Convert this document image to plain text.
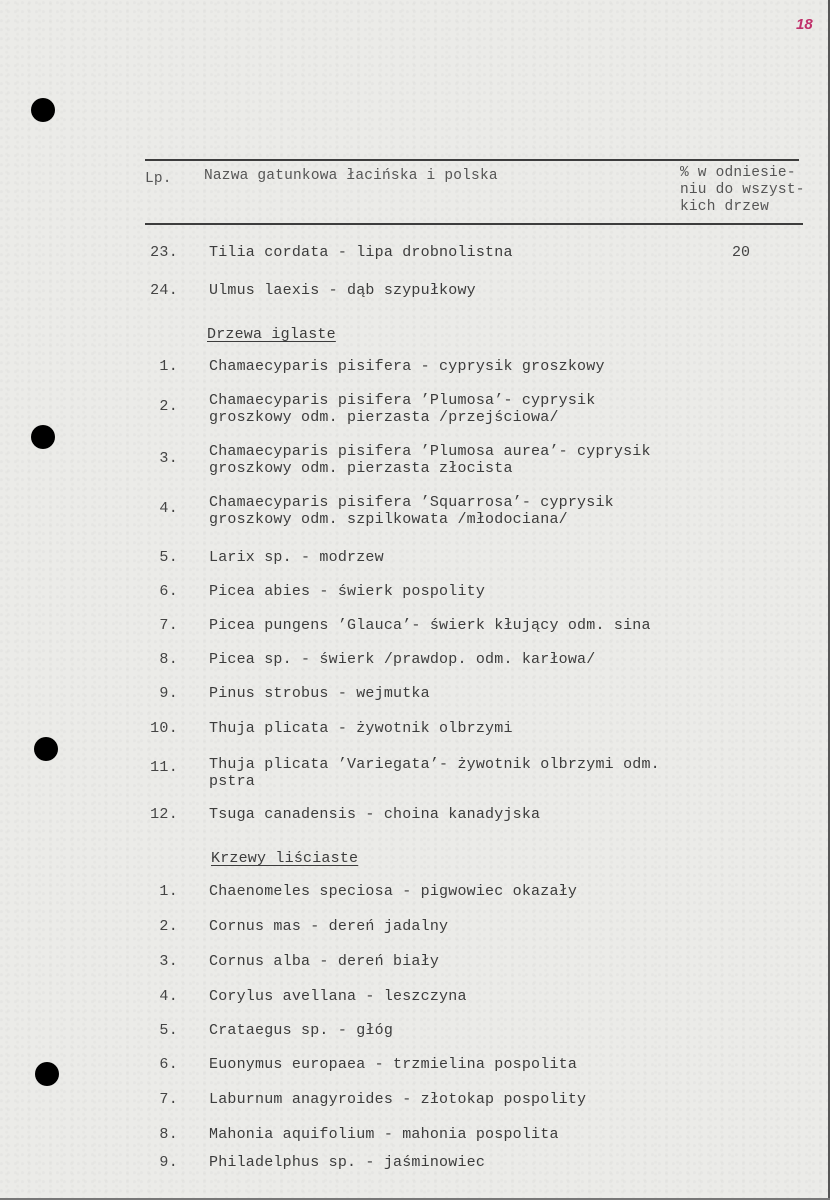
18
Lp. Nazwa gatunkowa łacińska i polska	% w odniesie-
niu do wszyst-
kich drzew
23. Tilia cordata - lipa drobnolistna	20
24. Ulmus laexis - dąb szypułkowy
Drzewa iglaste
1. Chamaecyparis pisifera - cyprysik groszkowy
2. Chamaecyparis pisifera ’Plumosa’- cyprysik
groszkowy odm. pierzasta /przejściowa/
3. Chamaecyparis pisifera ’Plumosa aurea’- cyprysik
groszkowy odm. pierzasta złocista
4. Chamaecyparis pisifera ’Squarrosa’- cyprysik
groszkowy odm. szpilkowata /młodociana/
5. Larix sp. - modrzew
6. Picea abies - świerk pospolity
7. Picea pungens ’Glauca’- świerk kłujący odm. sina
8. Picea sp. - świerk /prawdop. odm. karłowa/
9. Pinus strobus - wejmutka
10. Thuja plicata - żywotnik olbrzymi
11. Thuja plicata ’Variegata’- żywotnik olbrzymi odm.
pstra
12. Tsuga canadensis - choina kanadyjska
Krzewy liściaste
1. Chaenomeles speciosa - pigwowiec okazały
2. Cornus mas - dereń jadalny
3. Cornus alba - dereń biały
4. Corylus avellana - leszczyna
5. Crataegus sp. - głóg
6. Euonymus europaea - trzmielina pospolita
7. Laburnum anagyroides - złotokap pospolity
8. Mahonia aquifolium - mahonia pospolita
9. Philadelphus sp. - jaśminowiec
